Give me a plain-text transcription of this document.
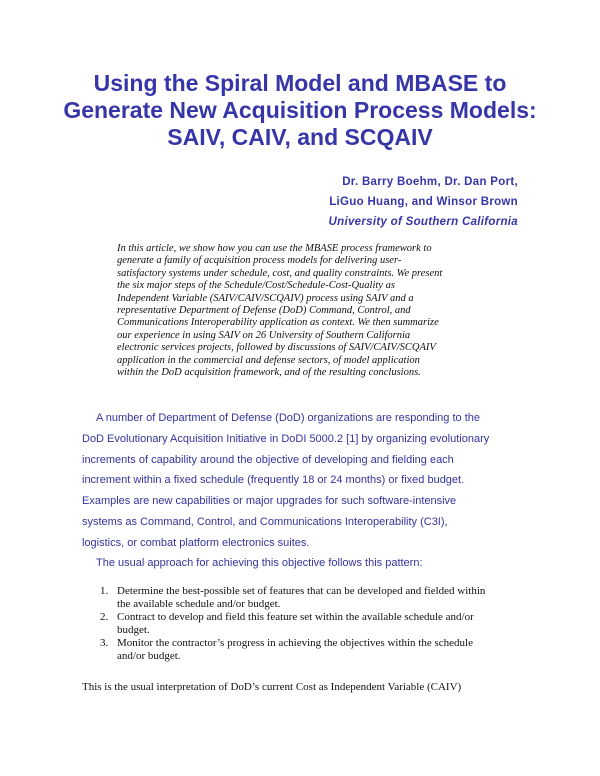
Using the Spiral Model and MBASE to
Generate New Acquisition Process Models:
SAIV, CAIV, and SCQAIV
Dr. Barry Boehm, Dr. Dan Port,
LiGuo Huang, and Winsor Brown
University of Southern California
In this article, we show how you can use the MBASE process framework to
generate a family of acquisition process models for delivering user-
satisfactory systems under schedule, cost, and quality constraints. We present
the six major steps of the Schedule/Cost/Schedule-Cost-Quality as
Independent Variable (SAIV/CAIV/SCQAIV) process using SAIV and a
representative Department of Defense (DoD) Command, Control, and
Communications Interoperability application as context. We then summarize
our experience in using SAIV on 26 University of Southern California
electronic services projects, followed by discussions of SAIV/CAIV/SCQAIV
application in the commercial and defense sectors, of model application
within the DoD acquisition framework, and of the resulting conclusions.
A number of Department of Defense (DoD) organizations are responding to the
DoD Evolutionary Acquisition Initiative in DoDI 5000.2 [1] by organizing evolutionary
increments of capability around the objective of developing and fielding each
increment within a fixed schedule (frequently 18 or 24 months) or fixed budget.
Examples are new capabilities or major upgrades for such software-intensive
systems as Command, Control, and Communications Interoperability (C3I),
logistics, or combat platform electronics suites.
The usual approach for achieving this objective follows this pattern:
1. Determine the best-possible set of features that can be developed and fielded within
the available schedule and/or budget.
2. Contract to develop and field this feature set within the available schedule and/or
budget.
3. Monitor the contractor’s progress in achieving the objectives within the schedule
and/or budget.
This is the usual interpretation of DoD’s current Cost as Independent Variable (CAIV)
